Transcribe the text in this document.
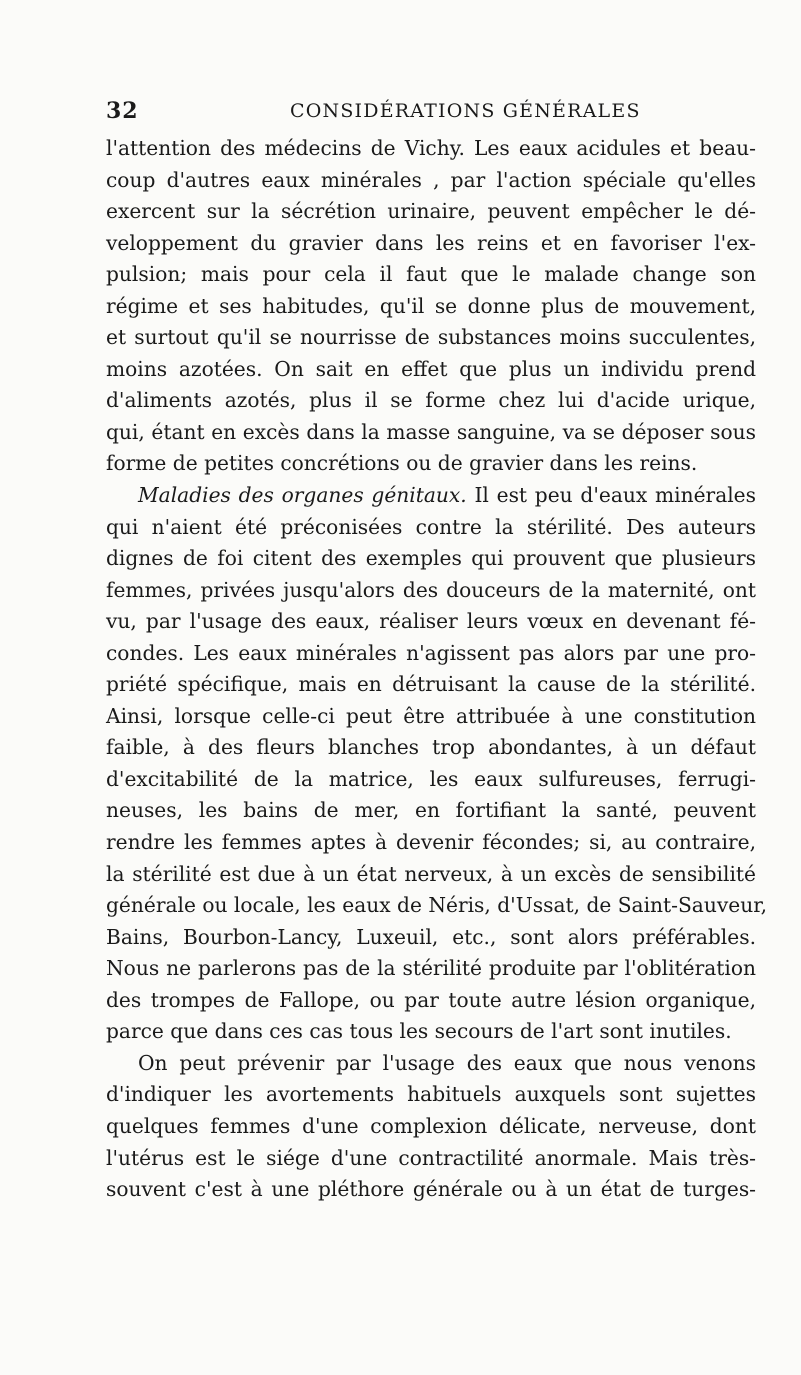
32	CONSIDÉRATIONS GÉNÉRALES
l'attention des médecins de Vichy. Les eaux acidules et beau-
coup d'autres eaux minérales , par l'action spéciale qu'elles
exercent sur la sécrétion urinaire, peuvent empêcher le dé-
veloppement du gravier dans les reins et en favoriser l'ex-
pulsion; mais pour cela il faut que le malade change son
régime et ses habitudes, qu'il se donne plus de mouvement,
et surtout qu'il se nourrisse de substances moins succulentes,
moins azotées. On sait en effet que plus un individu prend
d'aliments azotés, plus il se forme chez lui d'acide urique,
qui, étant en excès dans la masse sanguine, va se déposer sous
forme de petites concrétions ou de gravier dans les reins.
Maladies des organes génitaux. Il est peu d'eaux minérales
qui n'aient été préconisées contre la stérilité. Des auteurs
dignes de foi citent des exemples qui prouvent que plusieurs
femmes, privées jusqu'alors des douceurs de la maternité, ont
vu, par l'usage des eaux, réaliser leurs vœux en devenant fé-
condes. Les eaux minérales n'agissent pas alors par une pro-
priété spécifique, mais en détruisant la cause de la stérilité.
Ainsi, lorsque celle-ci peut être attribuée à une constitution
faible, à des fleurs blanches trop abondantes, à un défaut
d'excitabilité de la matrice, les eaux sulfureuses, ferrugi-
neuses, les bains de mer, en fortifiant la santé, peuvent
rendre les femmes aptes à devenir fécondes; si, au contraire,
la stérilité est due à un état nerveux, à un excès de sensibilité
générale ou locale, les eaux de Néris, d'Ussat, de Saint-Sauveur,
Bains, Bourbon-Lancy, Luxeuil, etc., sont alors préférables.
Nous ne parlerons pas de la stérilité produite par l'oblitération
des trompes de Fallope, ou par toute autre lésion organique,
parce que dans ces cas tous les secours de l'art sont inutiles.
On peut prévenir par l'usage des eaux que nous venons
d'indiquer les avortements habituels auxquels sont sujettes
quelques femmes d'une complexion délicate, nerveuse, dont
l'utérus est le siége d'une contractilité anormale. Mais très-
souvent c'est à une pléthore générale ou à un état de turges-
